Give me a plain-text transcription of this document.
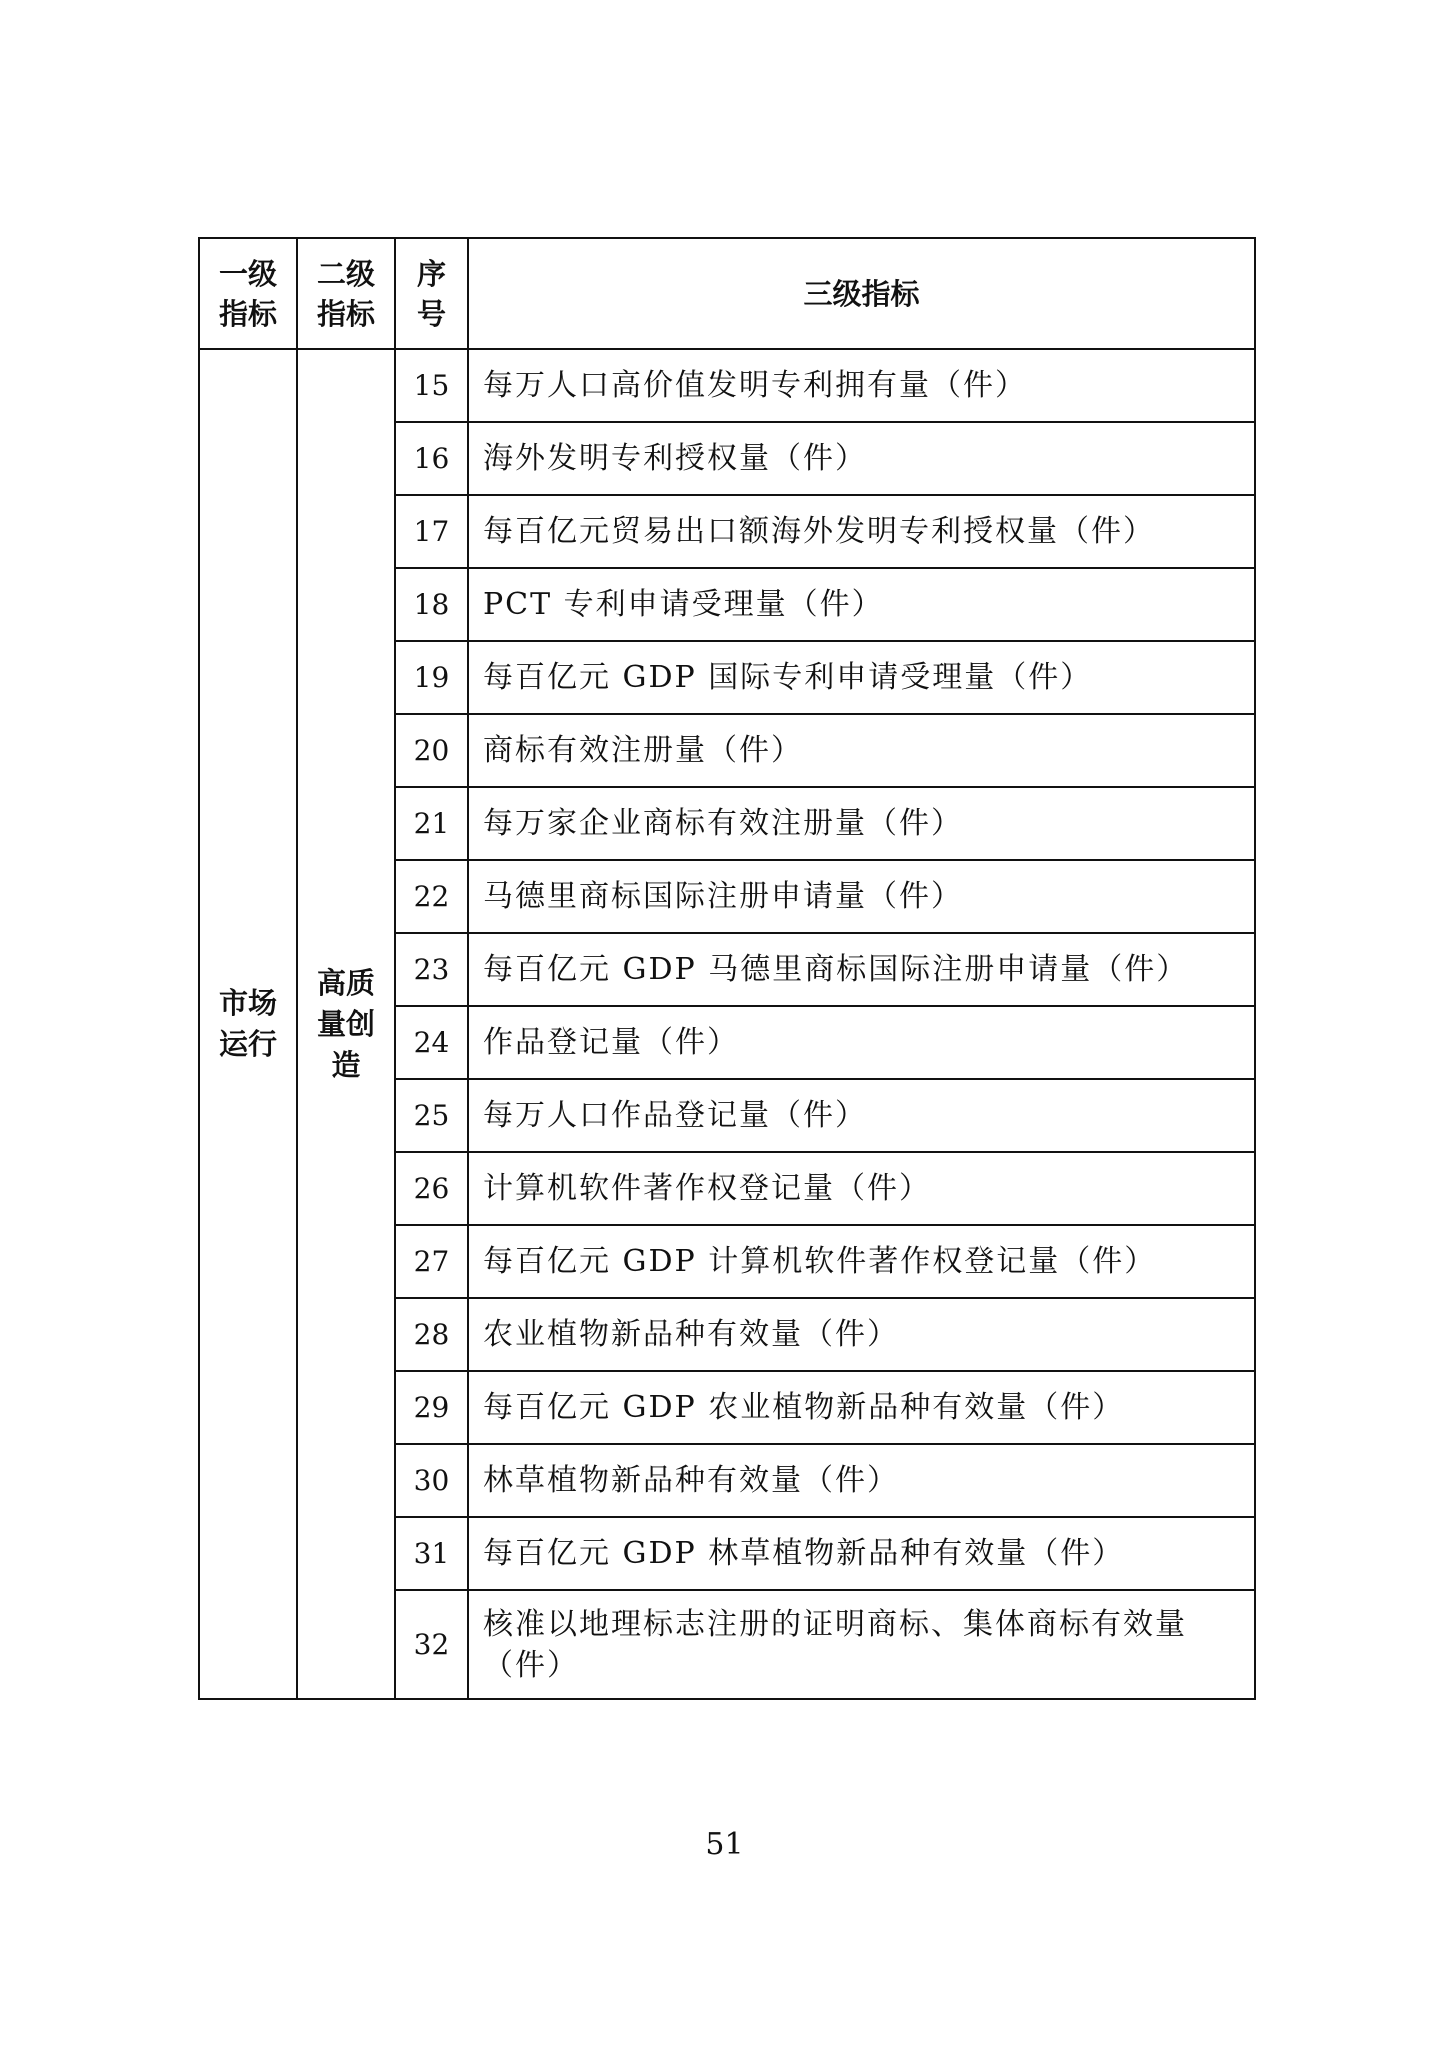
一级指标	二级指标	序号	三级指标
市场运行	高质量创造	15	每万人口高价值发明专利拥有量（件）
		16	海外发明专利授权量（件）
		17	每百亿元贸易出口额海外发明专利授权量（件）
		18	PCT 专利申请受理量（件）
		19	每百亿元 GDP 国际专利申请受理量（件）
		20	商标有效注册量（件）
		21	每万家企业商标有效注册量（件）
		22	马德里商标国际注册申请量（件）
		23	每百亿元 GDP 马德里商标国际注册申请量（件）
		24	作品登记量（件）
		25	每万人口作品登记量（件）
		26	计算机软件著作权登记量（件）
		27	每百亿元 GDP 计算机软件著作权登记量（件）
		28	农业植物新品种有效量（件）
		29	每百亿元 GDP 农业植物新品种有效量（件）
		30	林草植物新品种有效量（件）
		31	每百亿元 GDP 林草植物新品种有效量（件）
		32	核准以地理标志注册的证明商标、集体商标有效量（件）
51
